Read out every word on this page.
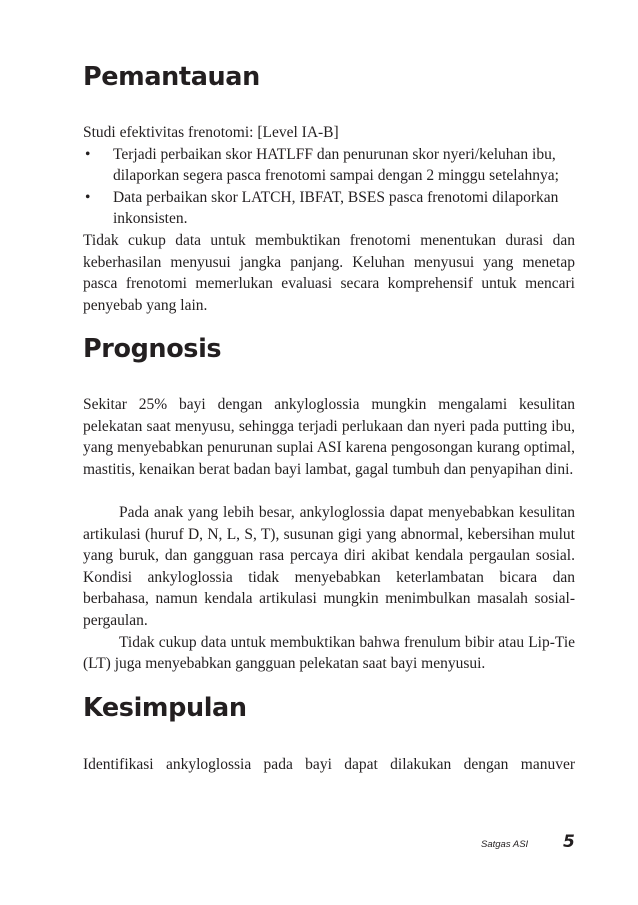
Pemantauan

Studi efektivitas frenotomi: [Level IA-B]

• Terjadi perbaikan skor HATLFF dan penurunan skor nyeri/keluhan ibu, dilaporkan segera pasca frenotomi sampai dengan 2 minggu setelahnya;
• Data perbaikan skor LATCH, IBFAT, BSES pasca frenotomi dilaporkan inkonsisten.

Tidak cukup data untuk membuktikan frenotomi menentukan durasi dan keberhasilan menyusui jangka panjang. Keluhan menyusui yang menetap pasca frenotomi memerlukan evaluasi secara komprehensif untuk mencari penyebab yang lain.

Prognosis

Sekitar 25% bayi dengan ankyloglossia mungkin mengalami kesulitan pelekatan saat menyusu, sehingga terjadi perlukaan dan nyeri pada putting ibu, yang menyebabkan penurunan suplai ASI karena pengosongan kurang optimal, mastitis, kenaikan berat badan bayi lambat, gagal tumbuh dan penyapihan dini.

Pada anak yang lebih besar, ankyloglossia dapat menyebabkan kesulitan artikulasi (huruf D, N, L, S, T), susunan gigi yang abnormal, kebersihan mulut yang buruk, dan gangguan rasa percaya diri akibat kendala pergaulan sosial. Kondisi ankyloglossia tidak menyebabkan keterlambatan bicara dan berbahasa, namun kendala artikulasi mungkin menimbulkan masalah sosial-pergaulan.

Tidak cukup data untuk membuktikan bahwa frenulum bibir atau Lip-Tie (LT) juga menyebabkan gangguan pelekatan saat bayi menyusui.

Kesimpulan

Identifikasi ankyloglossia pada bayi dapat dilakukan dengan manuver

Satgas ASI 5
